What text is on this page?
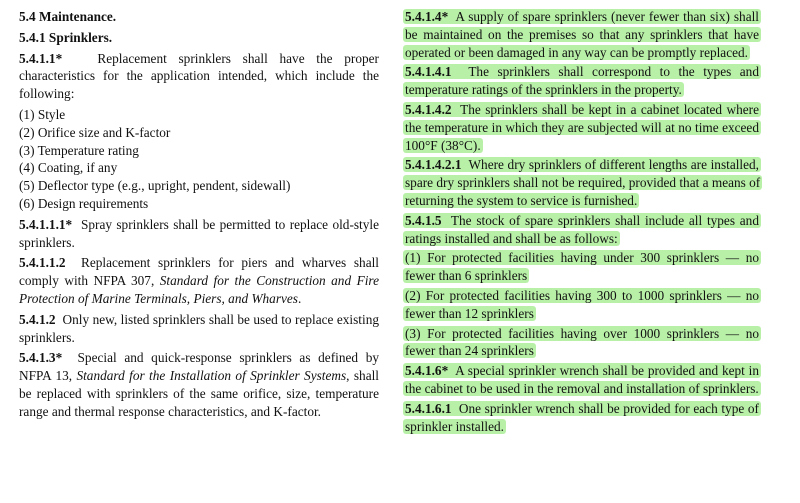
5.4 Maintenance.

5.4.1 Sprinklers.

5.4.1.1*	Replacement sprinklers shall have the proper characteristics for the application intended, which include the following:

(1) Style

(2) Orifice size and K-factor

(3) Temperature rating

(4) Coating, if any

(5) Deflector type (e.g., upright, pendent, sidewall)

(6) Design requirements

5.4.1.1.1* Spray sprinklers shall be permitted to replace old-style sprinklers.

5.4.1.1.2 Replacement sprinklers for piers and wharves shall comply with NFPA 307, Standard for the Construction and Fire Protection of Marine Terminals, Piers, and Wharves.

5.4.1.2 Only new, listed sprinklers shall be used to replace existing sprinklers.

5.4.1.3* Special and quick-response sprinklers as defined by NFPA 13, Standard for the Installation of Sprinkler Systems, shall be replaced with sprinklers of the same orifice, size, temperature range and thermal response characteristics, and K-factor.

5.4.1.4* A supply of spare sprinklers (never fewer than six) shall be maintained on the premises so that any sprinklers that have operated or been damaged in any way can be promptly replaced.

5.4.1.4.1 The sprinklers shall correspond to the types and temperature ratings of the sprinklers in the property.

5.4.1.4.2 The sprinklers shall be kept in a cabinet located where the temperature in which they are subjected will at no time exceed 100°F (38°C).

5.4.1.4.2.1 Where dry sprinklers of different lengths are installed, spare dry sprinklers shall not be required, provided that a means of returning the system to service is furnished.

5.4.1.5 The stock of spare sprinklers shall include all types and ratings installed and shall be as follows:

(1) For protected facilities having under 300 sprinklers — no fewer than 6 sprinklers

(2) For protected facilities having 300 to 1000 sprinklers — no fewer than 12 sprinklers

(3) For protected facilities having over 1000 sprinklers — no fewer than 24 sprinklers

5.4.1.6* A special sprinkler wrench shall be provided and kept in the cabinet to be used in the removal and installation of sprinklers.

5.4.1.6.1 One sprinkler wrench shall be provided for each type of sprinkler installed.
